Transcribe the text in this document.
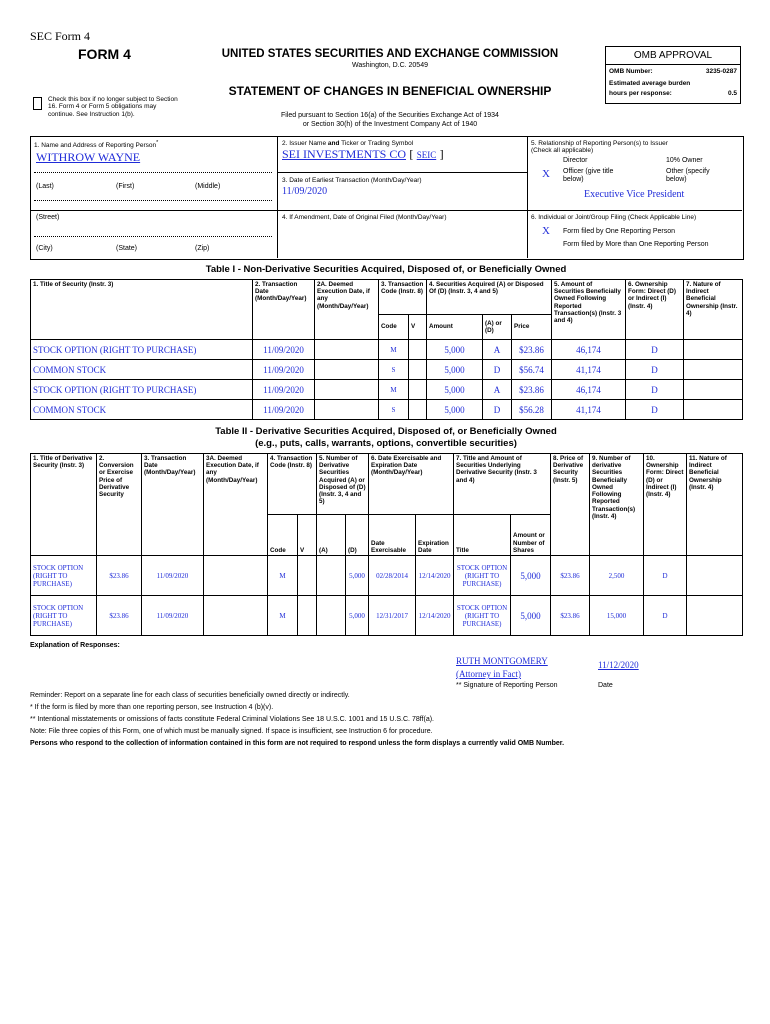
SEC Form 4
FORM 4	UNITED STATES SECURITIES AND EXCHANGE COMMISSION
Washington, D.C. 20549
OMB APPROVAL
OMB Number:	3235-0287
Estimated average burden
hours per response:	0.5
STATEMENT OF CHANGES IN BENEFICIAL OWNERSHIP
Check this box if no longer subject to Section 16. Form 4 or Form 5 obligations may continue. See Instruction 1(b).	Filed pursuant to Section 16(a) of the Securities Exchange Act of 1934
or Section 30(h) of the Investment Company Act of 1940
1. Name and Address of Reporting Person*
WITHROW WAYNE
(Last)	(First)	(Middle)
(Street)
(City)	(State)	(Zip)
2. Issuer Name and Ticker or Trading Symbol
SEI INVESTMENTS CO [ SEIC ]
3. Date of Earliest Transaction (Month/Day/Year)
11/09/2020
4. If Amendment, Date of Original Filed (Month/Day/Year)
5. Relationship of Reporting Person(s) to Issuer
(Check all applicable)
Director	10% Owner
X Officer (give title below)
Other (specify below)
Executive Vice President
6. Individual or Joint/Group Filing (Check Applicable Line)
X Form filed by One Reporting Person
Form filed by More than One Reporting Person
Table I - Non-Derivative Securities Acquired, Disposed of, or Beneficially Owned
1. Title of Security (Instr. 3)	2. Transaction Date (Month/Day/Year)	2A. Deemed Execution Date, if any (Month/Day/Year)	3. Transaction Code (Instr. 8)		4. Securities Acquired (A) or Disposed Of (D) (Instr. 3, 4 and 5)			5. Amount of Securities Beneficially Owned Following Reported Transaction(s) (Instr. 3 and 4)	6. Ownership Form: Direct (D) or Indirect (I) (Instr. 4)	7. Nature of Indirect Beneficial Ownership (Instr. 4)
			Code	V	Amount	(A) or (D)	Price			
STOCK OPTION (RIGHT TO PURCHASE)	11/09/2020		M		5,000	A	$23.86	46,174	D	
COMMON STOCK	11/09/2020		S		5,000	D	$56.74	41,174	D	
STOCK OPTION (RIGHT TO PURCHASE)	11/09/2020		M		5,000	A	$23.86	46,174	D	
COMMON STOCK	11/09/2020		S		5,000	D	$56.28	41,174	D	
Table II - Derivative Securities Acquired, Disposed of, or Beneficially Owned
(e.g., puts, calls, warrants, options, convertible securities)
1. Title of Derivative Security (Instr. 3)	2. Conversion or Exercise Price of Derivative Security	3. Transaction Date (Month/Day/Year)	3A. Deemed Execution Date, if any (Month/Day/Year)	4. Transaction Code (Instr. 8)		5. Number of Derivative Securities Acquired (A) or Disposed of (D) (Instr. 3, 4 and 5)		6. Date Exercisable and Expiration Date (Month/Day/Year)		7. Title and Amount of Securities Underlying Derivative Security (Instr. 3 and 4)		8. Price of Derivative Security (Instr. 5)	9. Number of derivative Securities Beneficially Owned Following Reported Transaction(s) (Instr. 4)	10. Ownership Form: Direct (D) or Indirect (I) (Instr. 4)	11. Nature of Indirect Beneficial Ownership (Instr. 4)
				Code	V	(A)	(D)	Date Exercisable	Expiration Date	Title	Amount or Number of Shares				
STOCK OPTION (RIGHT TO PURCHASE)	$23.86	11/09/2020		M			5,000	02/28/2014	12/14/2020	STOCK OPTION (RIGHT TO PURCHASE)	5,000	$23.86	2,500	D	
STOCK OPTION (RIGHT TO PURCHASE)	$23.86	11/09/2020		M			5,000	12/31/2017	12/14/2020	STOCK OPTION (RIGHT TO PURCHASE)	5,000	$23.86	15,000	D	
Explanation of Responses:
RUTH MONTGOMERY
(Attorney in Fact)
11/12/2020
** Signature of Reporting Person	Date
Reminder: Report on a separate line for each class of securities beneficially owned directly or indirectly.
* If the form is filed by more than one reporting person, see Instruction 4 (b)(v).
** Intentional misstatements or omissions of facts constitute Federal Criminal Violations See 18 U.S.C. 1001 and 15 U.S.C. 78ff(a).
Note: File three copies of this Form, one of which must be manually signed. If space is insufficient, see Instruction 6 for procedure.
Persons who respond to the collection of information contained in this form are not required to respond unless the form displays a currently valid OMB Number.
